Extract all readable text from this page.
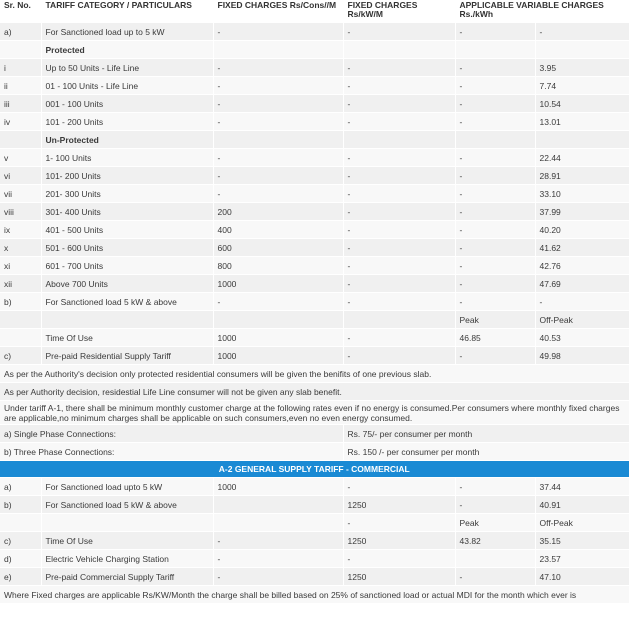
Sr. No.	TARIFF CATEGORY / PARTICULARS	FIXED CHARGES Rs/Cons//M	FIXED CHARGES Rs/kW/M	APPLICABLE VARIABLE CHARGES Rs./kWh	
a)	For Sanctioned load up to 5 kW	-	-	-	-
	Protected				
i	Up to 50 Units - Life Line	-	-	-	3.95
ii	01 - 100 Units - Life Line	-	-	-	7.74
iii	001 - 100 Units	-	-	-	10.54
iv	101 - 200 Units	-	-	-	13.01
	Un-Protected				
v	1- 100 Units	-	-	-	22.44
vi	101- 200 Units	-	-	-	28.91
vii	201- 300 Units	-	-	-	33.10
viii	301- 400 Units	200	-	-	37.99
ix	401 - 500 Units	400	-	-	40.20
x	501 - 600 Units	600	-	-	41.62
xi	601 - 700 Units	800	-	-	42.76
xii	Above 700 Units	1000	-	-	47.69
b)	For Sanctioned load 5 kW & above	-	-	-	-
				Peak	Off-Peak
	Time Of Use	1000	-	46.85	40.53
c)	Pre-paid Residential Supply Tariff	1000	-	-	49.98
As per the Authority's decision only protected residential consumers will be given the benifits of one previous slab.					
As per Authority decision, residestial Life Line consumer will not be given any slab benefit.					
Under tariff A-1, there shall be minimum monthly customer charge at the following rates even if no energy is consumed.Per consumers where monthly fixed charges are applicable,no minimum charges shall be applicable on such consumers,even no even energy consumed.					
a) Single Phase Connections:			Rs. 75/- per consumer per month		
b) Three Phase Connections:			Rs. 150 /- per consumer per month		
A-2 GENERAL SUPPLY TARIFF - COMMERCIAL					
a)	For Sanctioned load upto 5 kW	1000	-	-	37.44
b)	For Sanctioned load 5 kW & above		1250	-	40.91
			-	Peak	Off-Peak
c)	Time Of Use	-	1250	43.82	35.15
d)	Electric Vehicle Charging Station	-	-		23.57
e)	Pre-paid Commercial Supply Tariff	-	1250	-	47.10
Where Fixed charges are applicable Rs/KW/Month the charge shall be billed based on 25% of sanctioned load or actual MDI for the month which ever is					
